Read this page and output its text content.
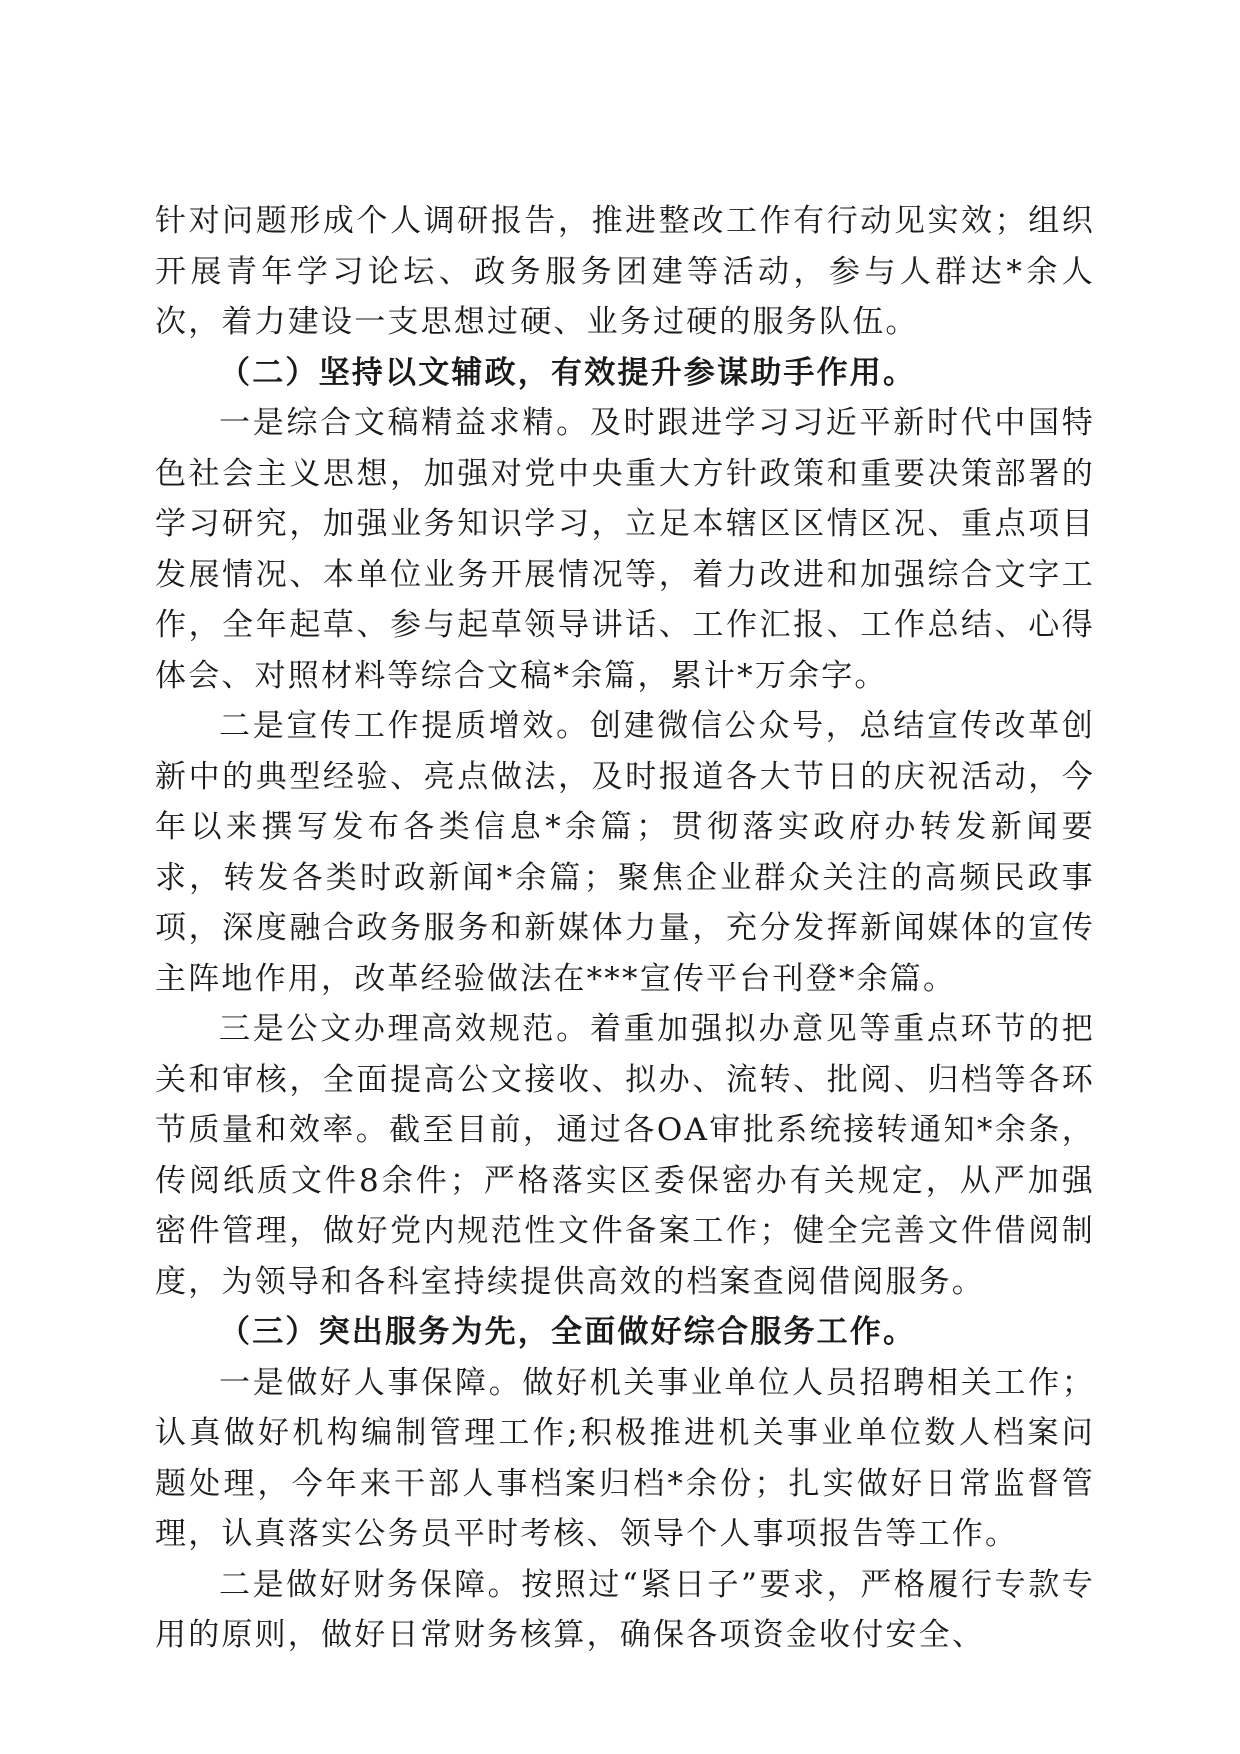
针对问题形成个人调研报告，推进整改工作有行动见实效；组织开展青年学习论坛、政务服务团建等活动，参与人群达*余人次，着力建设一支思想过硬、业务过硬的服务队伍。

（二）坚持以文辅政，有效提升参谋助手作用。

一是综合文稿精益求精。及时跟进学习习近平新时代中国特色社会主义思想，加强对党中央重大方针政策和重要决策部署的学习研究，加强业务知识学习，立足本辖区区情区况、重点项目发展情况、本单位业务开展情况等，着力改进和加强综合文字工作，全年起草、参与起草领导讲话、工作汇报、工作总结、心得体会、对照材料等综合文稿*余篇，累计*万余字。

二是宣传工作提质增效。创建微信公众号，总结宣传改革创新中的典型经验、亮点做法，及时报道各大节日的庆祝活动，今年以来撰写发布各类信息*余篇；贯彻落实政府办转发新闻要求，转发各类时政新闻*余篇；聚焦企业群众关注的高频民政事项，深度融合政务服务和新媒体力量，充分发挥新闻媒体的宣传主阵地作用，改革经验做法在***宣传平台刊登*余篇。

三是公文办理高效规范。着重加强拟办意见等重点环节的把关和审核，全面提高公文接收、拟办、流转、批阅、归档等各环节质量和效率。截至目前，通过各OA审批系统接转通知*余条，传阅纸质文件8余件；严格落实区委保密办有关规定，从严加强密件管理，做好党内规范性文件备案工作；健全完善文件借阅制度，为领导和各科室持续提供高效的档案查阅借阅服务。

（三）突出服务为先，全面做好综合服务工作。

一是做好人事保障。做好机关事业单位人员招聘相关工作；认真做好机构编制管理工作;积极推进机关事业单位数人档案问题处理，今年来干部人事档案归档*余份；扎实做好日常监督管理，认真落实公务员平时考核、领导个人事项报告等工作。

二是做好财务保障。按照过“紧日子”要求，严格履行专款专用的原则，做好日常财务核算，确保各项资金收付安全、
